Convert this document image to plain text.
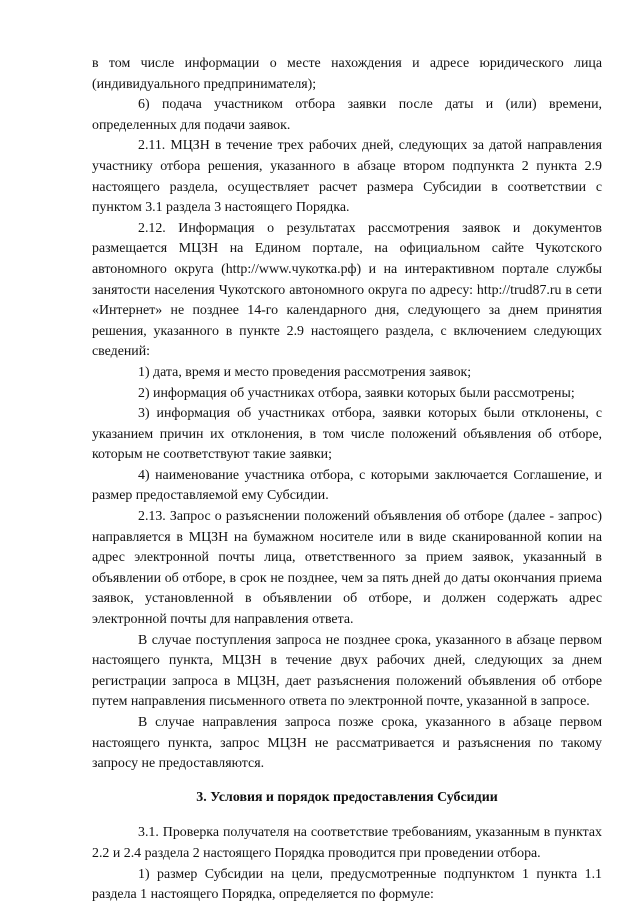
в том числе информации о месте нахождения и адресе юридического лица (индивидуального предпринимателя);

6) подача участником отбора заявки после даты и (или) времени, определенных для подачи заявок.

2.11. МЦЗН в течение трех рабочих дней, следующих за датой направления участнику отбора решения, указанного в абзаце втором подпункта 2 пункта 2.9 настоящего раздела, осуществляет расчет размера Субсидии в соответствии с пунктом 3.1 раздела 3 настоящего Порядка.

2.12. Информация о результатах рассмотрения заявок и документов размещается МЦЗН на Едином портале, на официальном сайте Чукотского автономного округа (http://www.чукотка.рф) и на интерактивном портале службы занятости населения Чукотского автономного округа по адресу: http://trud87.ru в сети «Интернет» не позднее 14-го календарного дня, следующего за днем принятия решения, указанного в пункте 2.9 настоящего раздела, с включением следующих сведений:

1) дата, время и место проведения рассмотрения заявок;

2) информация об участниках отбора, заявки которых были рассмотрены;

3) информация об участниках отбора, заявки которых были отклонены, с указанием причин их отклонения, в том числе положений объявления об отборе, которым не соответствуют такие заявки;

4) наименование участника отбора, с которыми заключается Соглашение, и размер предоставляемой ему Субсидии.

2.13. Запрос о разъяснении положений объявления об отборе (далее - запрос) направляется в МЦЗН на бумажном носителе или в виде сканированной копии на адрес электронной почты лица, ответственного за прием заявок, указанный в объявлении об отборе, в срок не позднее, чем за пять дней до даты окончания приема заявок, установленной в объявлении об отборе, и должен содержать адрес электронной почты для направления ответа.

В случае поступления запроса не позднее срока, указанного в абзаце первом настоящего пункта, МЦЗН в течение двух рабочих дней, следующих за днем регистрации запроса в МЦЗН, дает разъяснения положений объявления об отборе путем направления письменного ответа по электронной почте, указанной в запросе.

В случае направления запроса позже срока, указанного в абзаце первом настоящего пункта, запрос МЦЗН не рассматривается и разъяснения по такому запросу не предоставляются.

3. Условия и порядок предоставления Субсидии

3.1. Проверка получателя на соответствие требованиям, указанным в пунктах 2.2 и 2.4 раздела 2 настоящего Порядка проводится при проведении отбора.

1) размер Субсидии на цели, предусмотренные подпунктом 1 пункта 1.1 раздела 1 настоящего Порядка, определяется по формуле:
